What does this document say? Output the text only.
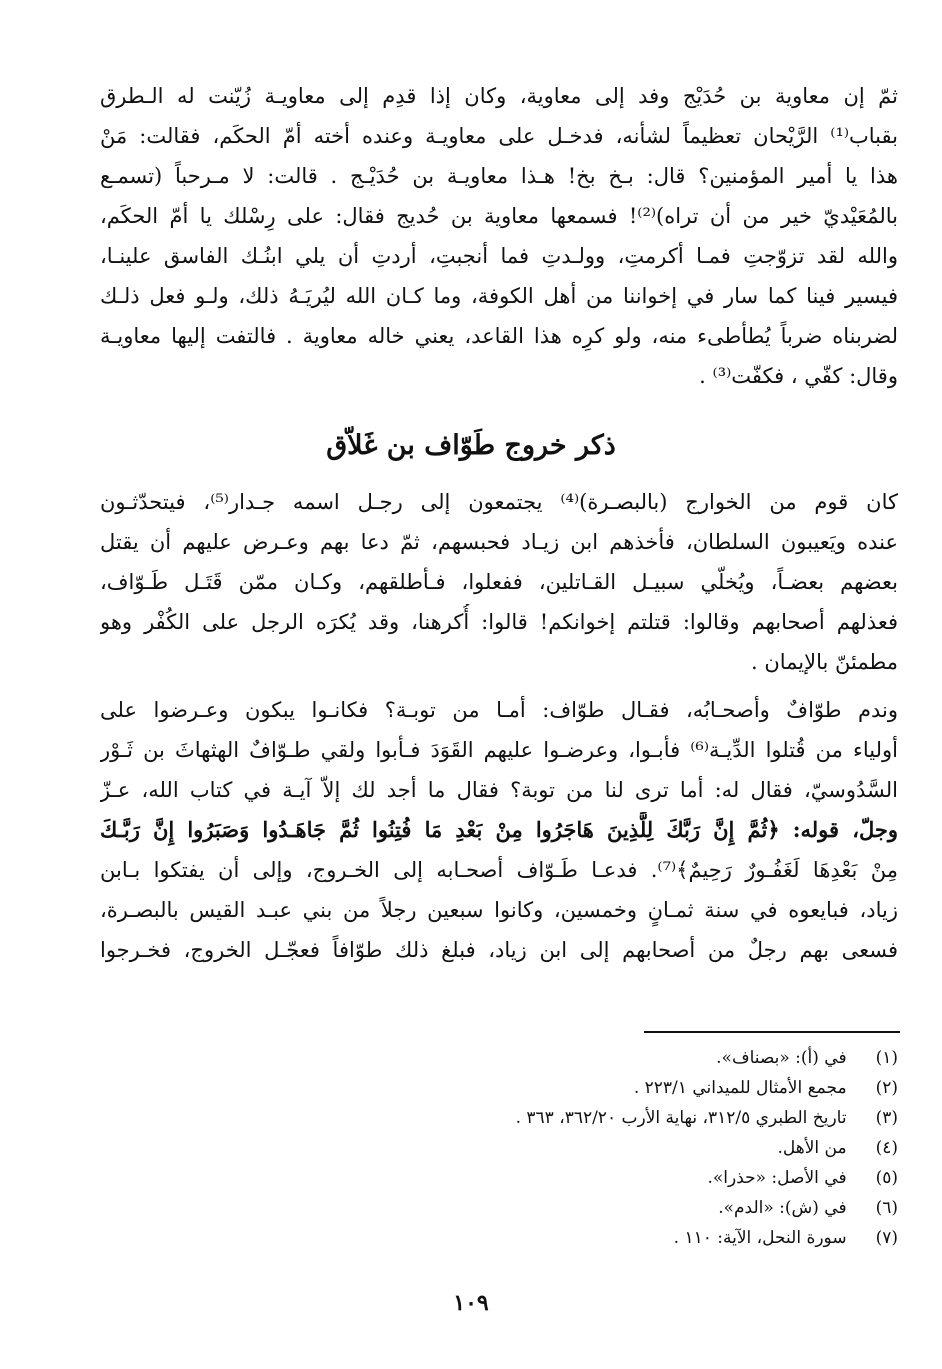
ثمّ إن معاوية بن حُدَيْج وفد إلى معاوية، وكان إذا قدِم إلى معاويـة زُيّنت له الـطرق
بقباب⁽¹⁾ الرَّيْحان تعظيماً لشأنه، فدخـل على معاويـة وعنده أخته أمّ الحكَم، فقالت: مَنْ
هذا يا أمير المؤمنين؟ قال: بـخ بخ! هـذا معاويـة بن حُدَيْـج . قالت: لا مـرحباً (تسمـع
بالمُعَيْديّ خير من أن تراه)⁽²⁾! فسمعها معاوية بن حُديج فقال: على رِسْلك يا أمّ الحكَم،
والله لقد تزوّجتِ فمـا أكرمتِ، وولـدتِ فما أنجبتِ، أردتِ أن يلي ابنُـك الفاسق علينـا،
فيسير فينا كما سار في إخواننا من أهل الكوفة، وما كـان الله ليُريَـهُ ذلك، ولـو فعل ذلـك
لضربناه ضرباً يُطأطىء منه، ولو كرِه هذا القاعد، يعني خاله معاوية . فالتفت إليها معاويـة
وقال: كفّي ، فكفّت⁽³⁾ .
ذكر خروج طَوّاف بن غَلاّق
كان قوم من الخوارج (بالبصـرة)⁽⁴⁾ يجتمعون إلى رجـل اسمه جـدار⁽⁵⁾، فيتحدّثـون
عنده ويَعيبون السلطان، فأخذهم ابن زيـاد فحبسهم، ثمّ دعا بهم وعـرض عليهم أن يقتل
بعضهم بعضـاً، ويُخلّي سبيـل القـاتلين، ففعلوا، فـأطلقهم، وكـان ممّن قَتَـل طَـوّاف،
فعذلهم أصحابهم وقالوا: قتلتم إخوانكم! قالوا: أُكرهنا، وقد يُكرَه الرجل على الكُفْر وهو
مطمئنّ بالإيمان .
وندم طوّافٌ وأصحـابُه، فقـال طوّاف: أمـا من توبـة؟ فكانـوا يبكون وعـرضوا على
أولياء من قُتلوا الدِّيـة⁽⁶⁾ فأبـوا، وعرضـوا عليهم القَوَدَ فـأبوا ولقي طـوّافٌ الهثهاثَ بن ثَـوْر
السَّدُوسيّ، فقال له: أما ترى لنا من توبة؟ فقال ما أجد لك إلاّ آيـة في كتاب الله، عـزّ
وجلّ، قوله: ﴿ثُمَّ إِنَّ رَبَّكَ لِلَّذِينَ هَاجَرُوا مِنْ بَعْدِ مَا فُتِنُوا ثُمَّ جَاهَـدُوا وَصَبَرُوا إِنَّ رَبَّـكَ
مِنْ بَعْدِهَا لَغَفُـورٌ رَحِيمٌ﴾⁽⁷⁾. فدعـا طَـوّاف أصحـابه إلى الخـروج، وإلى أن يفتكوا بـابن
زياد، فبايعوه في سنة ثمـانٍ وخمسين، وكانوا سبعين رجلاً من بني عبـد القيس بالبصـرة،
فسعى بهم رجلٌ من أصحابهم إلى ابن زياد، فبلغ ذلك طوّافاً فعجّـل الخروج، فخـرجوا
(١) في (أ): «بصناف».
(٢) مجمع الأمثال للميداني ٢٢٣/١ .
(٣) تاريخ الطبري ٣١٢/٥، نهاية الأرب ٣٦٢/٢٠، ٣٦٣ .
(٤) من الأهل.
(٥) في الأصل: «حذرا».
(٦) في (ش): «الدم».
(٧) سورة النحل، الآية: ١١٠ .
١٠٩
